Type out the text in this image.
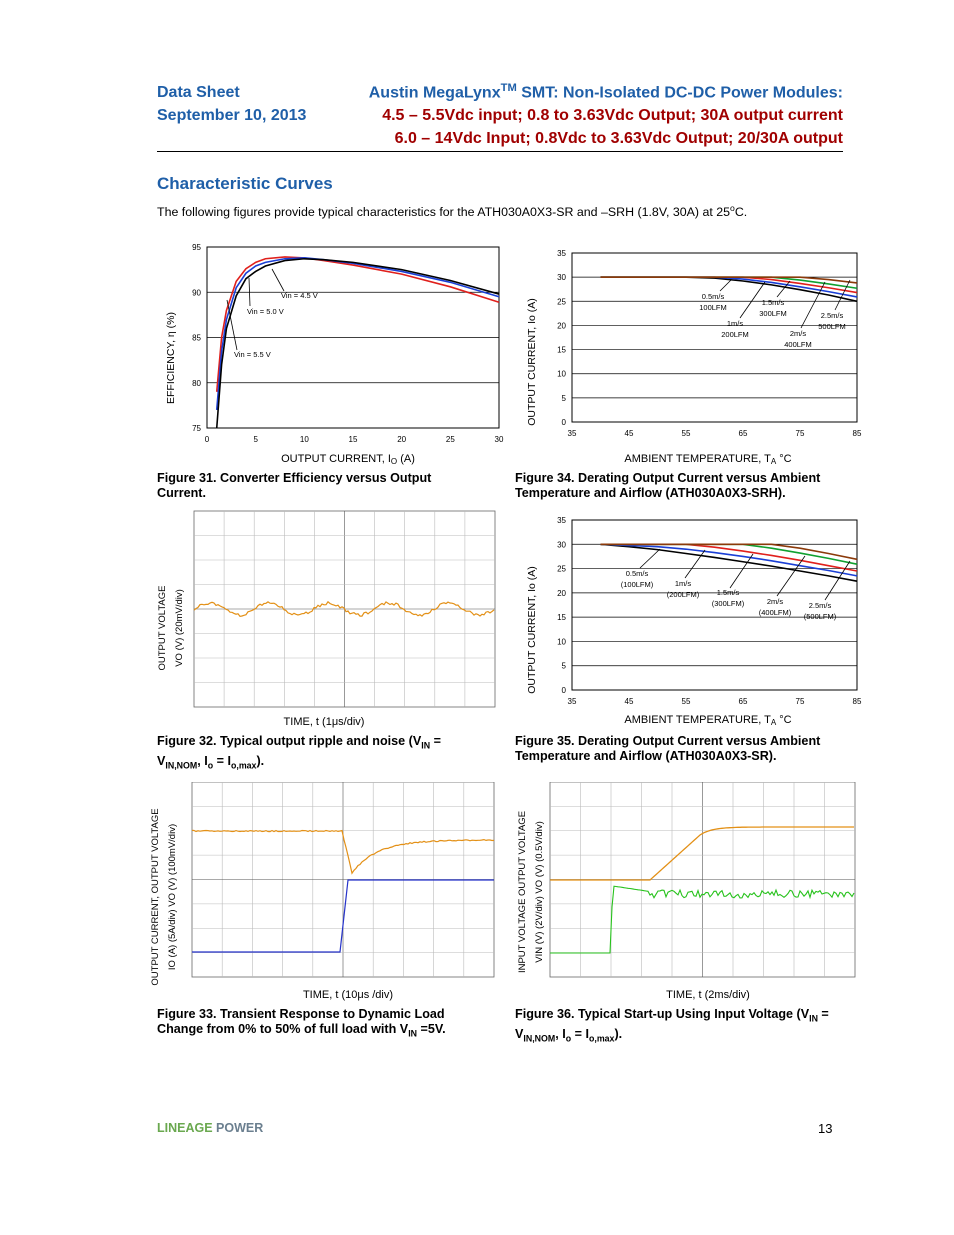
Data Sheet
September 10, 2013
Austin MegaLynx™ SMT: Non-Isolated DC-DC Power Modules:
4.5 – 5.5Vdc input; 0.8 to 3.63Vdc Output; 30A output current
6.0 – 14Vdc Input; 0.8Vdc to 3.63Vdc Output; 20/30A output
Characteristic Curves
The following figures provide typical characteristics for the ATH030A0X3-SR and –SRH (1.8V, 30A) at 25$^o$C.
75
80
85
90
95
0	5	10	15	20	25	30
OUTPUT CURRENT, IO (A)
EFFICIENCY, η (%)
Vin = 4.5 V
Vin = 5.0 V
Vin = 5.5 V
Figure 31. Converter Efficiency versus Output
Current.
0
5
10
15
20
25
30
35
35	45	55	65	75	85
AMBIENT TEMPERATURE, TA °C
OUTPUT CURRENT, Io (A)
0.5m/s
100LFM
1m/s
200LFM
1.5m/s
300LFM
2m/s
400LFM
2.5m/s
500LFM
Figure 34. Derating Output Current versus Ambient
Temperature and Airflow (ATH030A0X3-SRH).
TIME, t (1μs/div)
OUTPUT VOLTAGE VO (V) (20mV/div)
Figure 32. Typical output ripple and noise ($V_{IN}$ =
$V_{IN,NOM}$, $I_o = I_{o,max}$).
0
5
10
15
20
25
30
35
35	45	55	65	75	85
AMBIENT TEMPERATURE, TA °C
OUTPUT CURRENT, Io (A)	0.5m/s
(100LFM)	1m/s
(200LFM) 1.5m/s
(300LFM)	2m/s
(400LFM)
2.5m/s
(500LFM)
Figure 35. Derating Output Current versus Ambient
Temperature and Airflow (ATH030A0X3-SR).
TIME, t (10μs /div)
OUTPUT CURRENT, OUTPUT VOLTAGE IO (A) (5A/div) VO (V) (100mV/div)
Figure 33. Transient Response to Dynamic Load
Change from 0% to 50% of full load with $V_{IN} =5V$.
TIME, t (2ms/div)
INPUT VOLTAGE OUTPUT VOLTAGE VIN (V) (2V/div) VO (V) (0.5V/div)
Figure 36. Typical Start-up Using Input Voltage ($V_{IN}$ =
$V_{IN,NOM}$, $I_o = I_{o,max}$).
LINEAGE POWER	13
